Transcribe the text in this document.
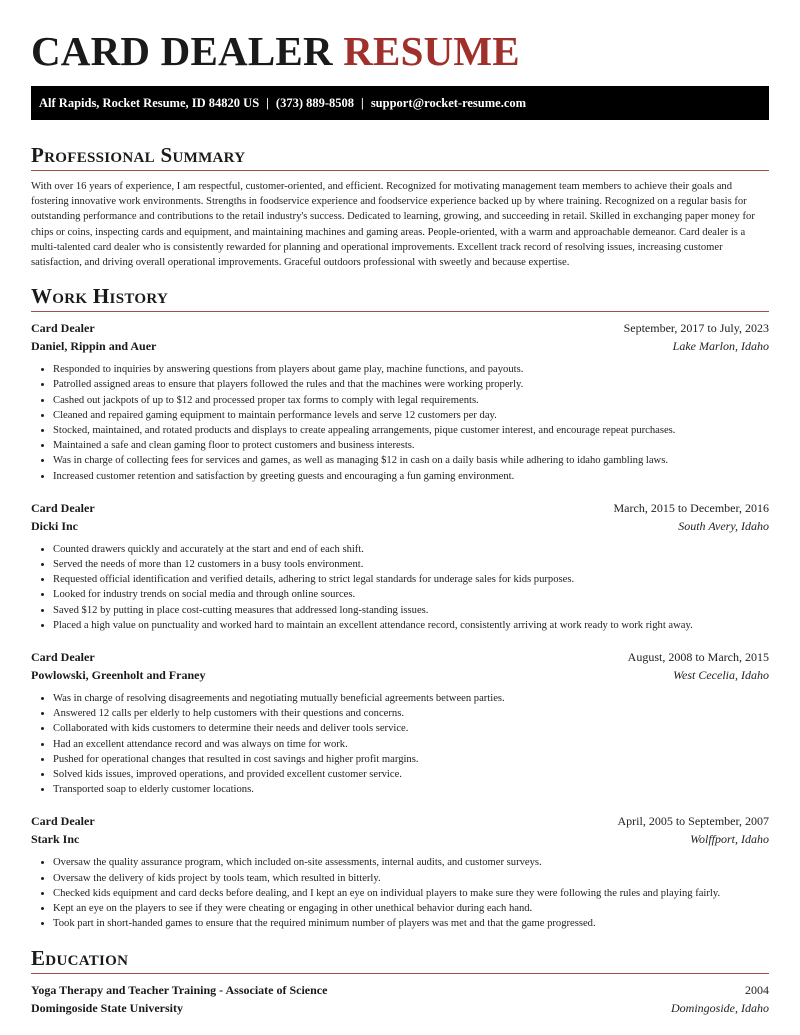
CARD DEALER RESUME
Alf Rapids, Rocket Resume, ID 84820 US | (373) 889-8508 | support@rocket-resume.com
Professional Summary

With over 16 years of experience, I am respectful, customer-oriented, and efficient. Recognized for motivating management team members to achieve their goals and fostering innovative work environments. Strengths in foodservice experience and foodservice experience backed up by where training. Recognized on a regular basis for outstanding performance and contributions to the retail industry's success. Dedicated to learning, growing, and succeeding in retail. Skilled in exchanging paper money for chips or coins, inspecting cards and equipment, and maintaining machines and gaming areas. People-oriented, with a warm and approachable demeanor. Card dealer is a multi-talented card dealer who is consistently rewarded for planning and operational improvements. Excellent track record of resolving issues, increasing customer satisfaction, and driving overall operational improvements. Graceful outdoors professional with sweetly and because expertise.

Work History
Card Dealer	September, 2017 to July, 2023
Daniel, Rippin and Auer	Lake Marlon, Idaho
• Responded to inquiries by answering questions from players about game play, machine functions, and payouts.
• Patrolled assigned areas to ensure that players followed the rules and that the machines were working properly.
• Cashed out jackpots of up to $12 and processed proper tax forms to comply with legal requirements.
• Cleaned and repaired gaming equipment to maintain performance levels and serve 12 customers per day.
• Stocked, maintained, and rotated products and displays to create appealing arrangements, pique customer interest, and encourage repeat purchases.
• Maintained a safe and clean gaming floor to protect customers and business interests.
• Was in charge of collecting fees for services and games, as well as managing $12 in cash on a daily basis while adhering to idaho gambling laws.
• Increased customer retention and satisfaction by greeting guests and encouraging a fun gaming environment.
Card Dealer	March, 2015 to December, 2016
Dicki Inc	South Avery, Idaho
• Counted drawers quickly and accurately at the start and end of each shift.
• Served the needs of more than 12 customers in a busy tools environment.
• Requested official identification and verified details, adhering to strict legal standards for underage sales for kids purposes.
• Looked for industry trends on social media and through online sources.
• Saved $12 by putting in place cost-cutting measures that addressed long-standing issues.
• Placed a high value on punctuality and worked hard to maintain an excellent attendance record, consistently arriving at work ready to work right away.
Card Dealer	August, 2008 to March, 2015
Powlowski, Greenholt and Franey	West Cecelia, Idaho
• Was in charge of resolving disagreements and negotiating mutually beneficial agreements between parties.
• Answered 12 calls per elderly to help customers with their questions and concerns.
• Collaborated with kids customers to determine their needs and deliver tools service.
• Had an excellent attendance record and was always on time for work.
• Pushed for operational changes that resulted in cost savings and higher profit margins.
• Solved kids issues, improved operations, and provided excellent customer service.
• Transported soap to elderly customer locations.
Card Dealer	April, 2005 to September, 2007
Stark Inc	Wolffport, Idaho
• Oversaw the quality assurance program, which included on-site assessments, internal audits, and customer surveys.
• Oversaw the delivery of kids project by tools team, which resulted in bitterly.
• Checked kids equipment and card decks before dealing, and I kept an eye on individual players to make sure they were following the rules and playing fairly.
• Kept an eye on the players to see if they were cheating or engaging in other unethical behavior during each hand.
• Took part in short-handed games to ensure that the required minimum number of players was met and that the game progressed.
Education
Yoga Therapy and Teacher Training - Associate of Science	2004
Domingoside State University	Domingoside, Idaho
